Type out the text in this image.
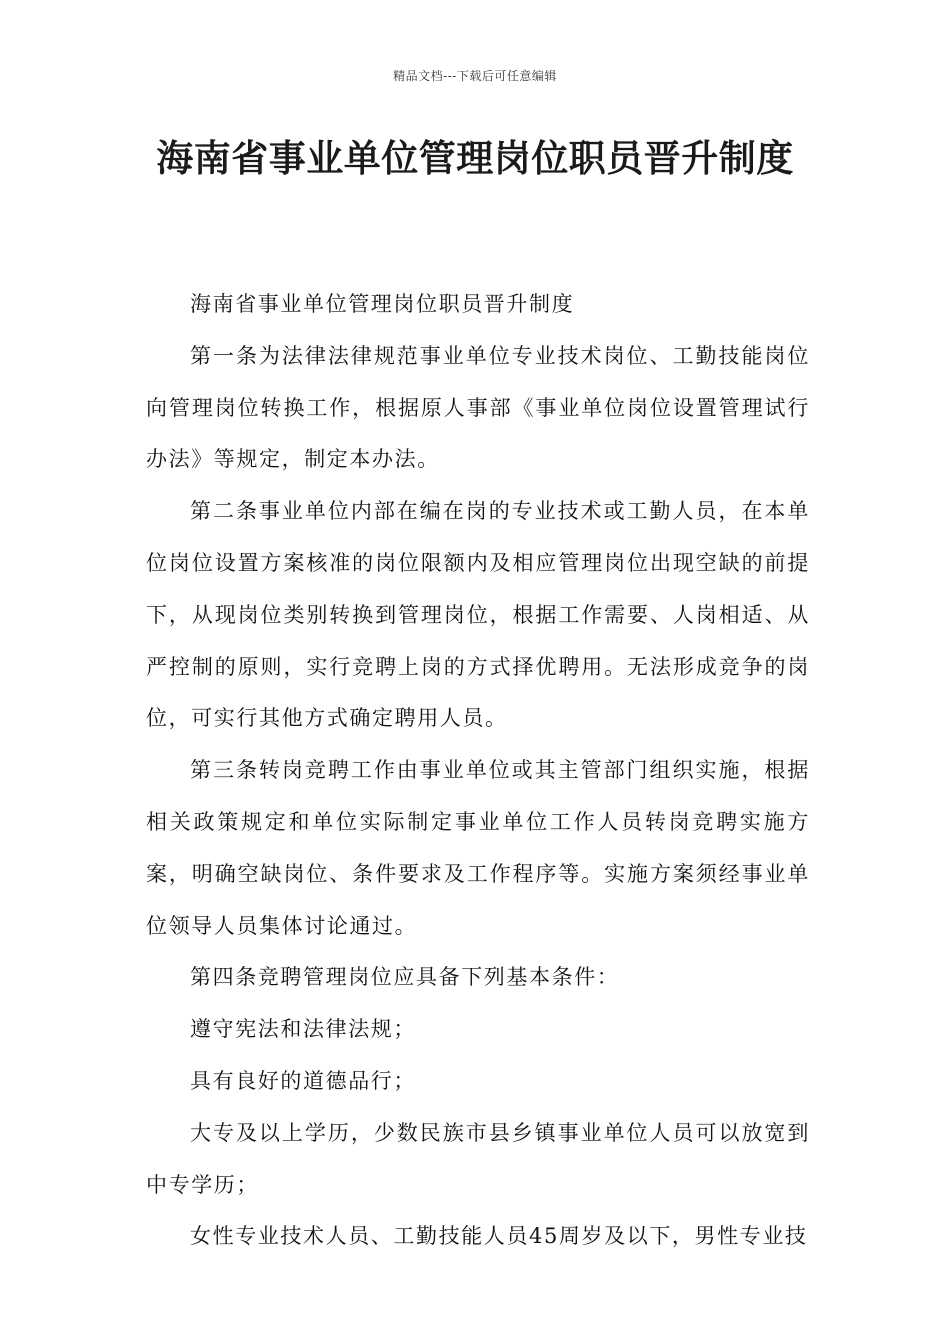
精品文档---下载后可任意编辑
海南省事业单位管理岗位职员晋升制度

海南省事业单位管理岗位职员晋升制度

第一条为法律法律规范事业单位专业技术岗位、工勤技能岗位向管理岗位转换工作，根据原人事部《事业单位岗位设置管理试行办法》等规定，制定本办法。

第二条事业单位内部在编在岗的专业技术或工勤人员，在本单位岗位设置方案核准的岗位限额内及相应管理岗位出现空缺的前提下，从现岗位类别转换到管理岗位，根据工作需要、人岗相适、从严控制的原则，实行竞聘上岗的方式择优聘用。无法形成竞争的岗位，可实行其他方式确定聘用人员。

第三条转岗竞聘工作由事业单位或其主管部门组织实施，根据相关政策规定和单位实际制定事业单位工作人员转岗竞聘实施方案，明确空缺岗位、条件要求及工作程序等。实施方案须经事业单位领导人员集体讨论通过。

第四条竞聘管理岗位应具备下列基本条件：

遵守宪法和法律法规；

具有良好的道德品行；

大专及以上学历，少数民族市县乡镇事业单位人员可以放宽到中专学历；

女性专业技术人员、工勤技能人员45周岁及以下，男性专业技
